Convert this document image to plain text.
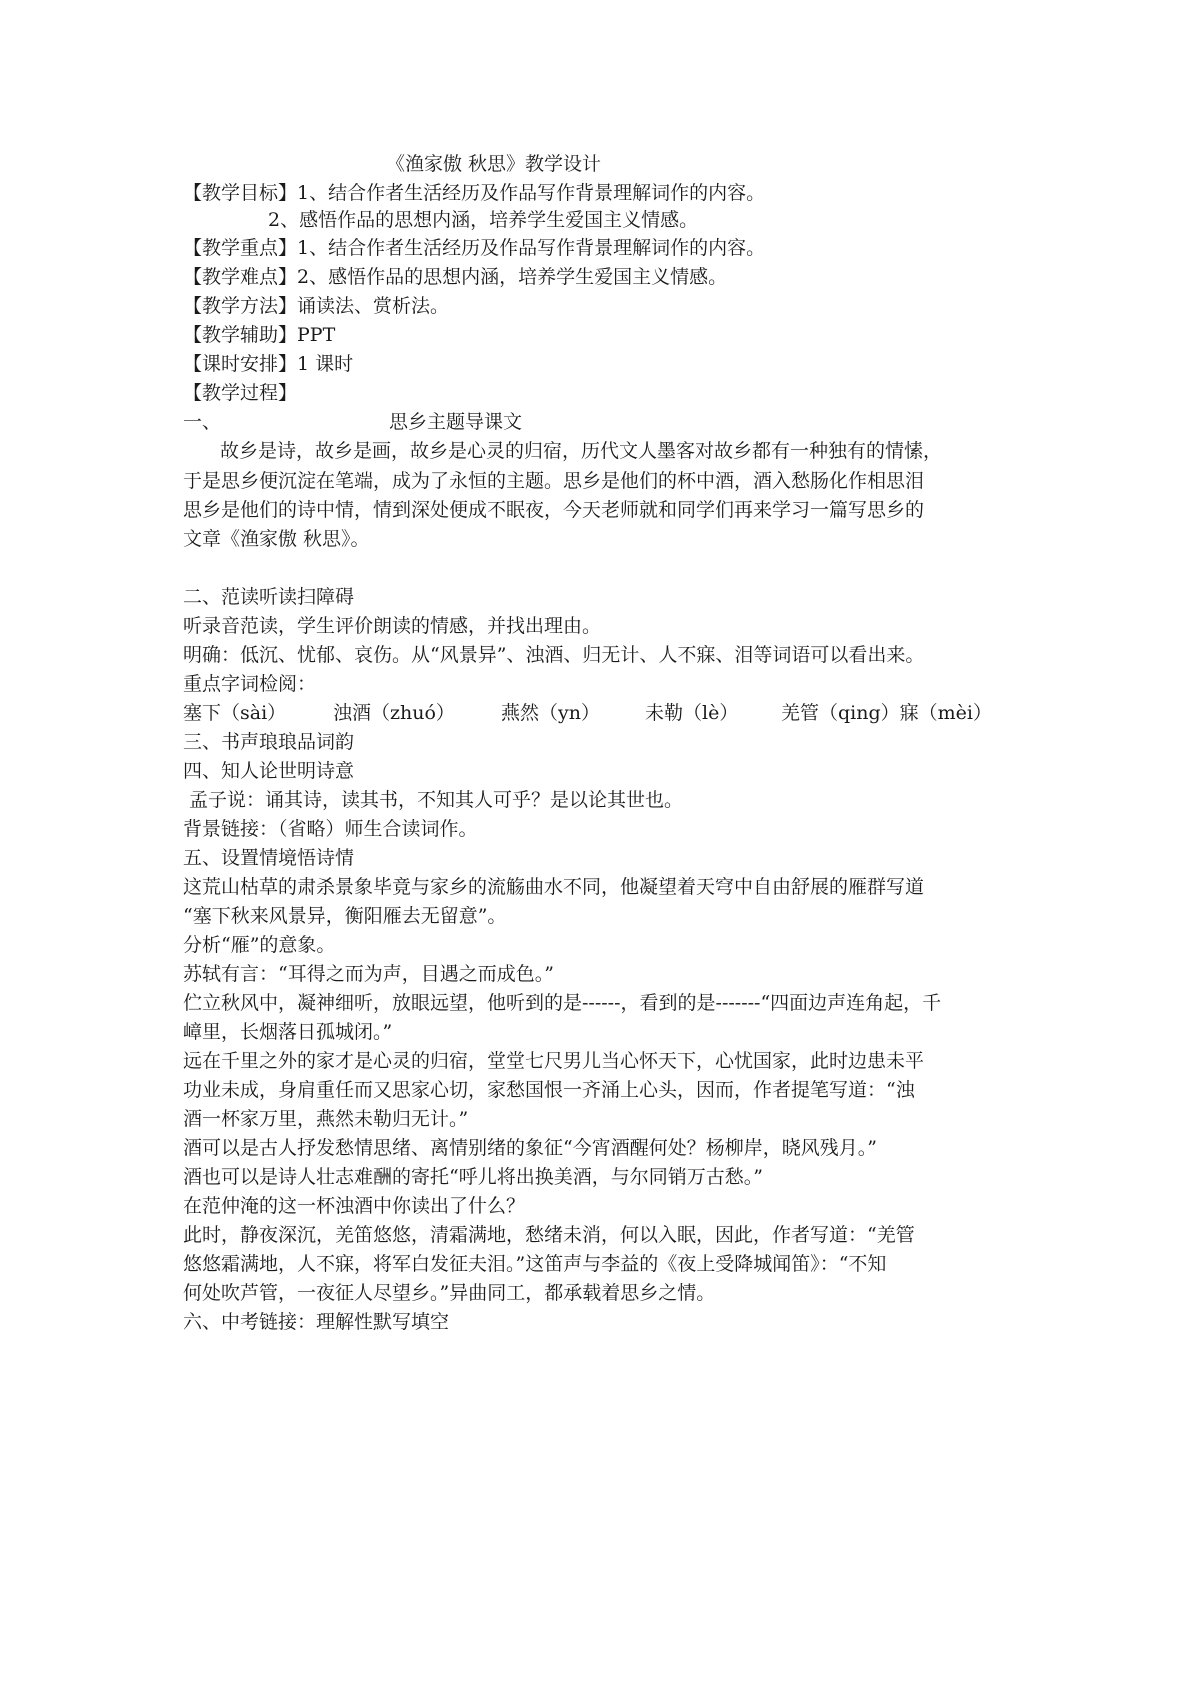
《渔家傲 秋思》教学设计
【教学目标】1、结合作者生活经历及作品写作背景理解词作的内容。
2、感悟作品的思想内涵，培养学生爱国主义情感。
【教学重点】1、结合作者生活经历及作品写作背景理解词作的内容。
【教学难点】2、感悟作品的思想内涵，培养学生爱国主义情感。
【教学方法】诵读法、赏析法。
【教学辅助】PPT
【课时安排】1 课时
【教学过程】
一、	思乡主题导课文
故乡是诗，故乡是画，故乡是心灵的归宿，历代文人墨客对故乡都有一种独有的情愫，
于是思乡便沉淀在笔端，成为了永恒的主题。思乡是他们的杯中酒，酒入愁肠化作相思泪
思乡是他们的诗中情，情到深处便成不眠夜，今天老师就和同学们再来学习一篇写思乡的
文章《渔家傲 秋思》。
二、范读听读扫障碍
听录音范读，学生评价朗读的情感，并找出理由。
明确：低沉、忧郁、哀伤。从“风景异”、浊酒、归无计、人不寐、泪等词语可以看出来。
重点字词检阅：
塞下（sài） 浊酒（zhuó） 燕然（yn） 未勒（lè） 羌管（qing）寐（mèi）
三、书声琅琅品词韵
四、知人论世明诗意
孟子说：诵其诗，读其书，不知其人可乎？是以论其世也。
背景链接：（省略）师生合读词作。
五、设置情境悟诗情
这荒山枯草的肃杀景象毕竟与家乡的流觞曲水不同，他凝望着天穹中自由舒展的雁群写道
“塞下秋来风景异，衡阳雁去无留意”。
分析“雁”的意象。
苏轼有言：“耳得之而为声，目遇之而成色。”
伫立秋风中，凝神细听，放眼远望，他听到的是------，看到的是-------“四面边声连角起，千
嶂里，长烟落日孤城闭。”
远在千里之外的家才是心灵的归宿，堂堂七尺男儿当心怀天下，心忧国家，此时边患未平
功业未成，身肩重任而又思家心切，家愁国恨一齐涌上心头，因而，作者提笔写道：“浊
酒一杯家万里，燕然未勒归无计。”
酒可以是古人抒发愁情思绪、离情别绪的象征“今宵酒醒何处？杨柳岸，晓风残月。”
酒也可以是诗人壮志难酬的寄托“呼儿将出换美酒，与尔同销万古愁。”
在范仲淹的这一杯浊酒中你读出了什么？
此时，静夜深沉，羌笛悠悠，清霜满地，愁绪未消，何以入眠，因此，作者写道：“羌管
悠悠霜满地，人不寐，将军白发征夫泪。”这笛声与李益的《夜上受降城闻笛》：“不知
何处吹芦管，一夜征人尽望乡。”异曲同工，都承载着思乡之情。
六、中考链接：理解性默写填空
